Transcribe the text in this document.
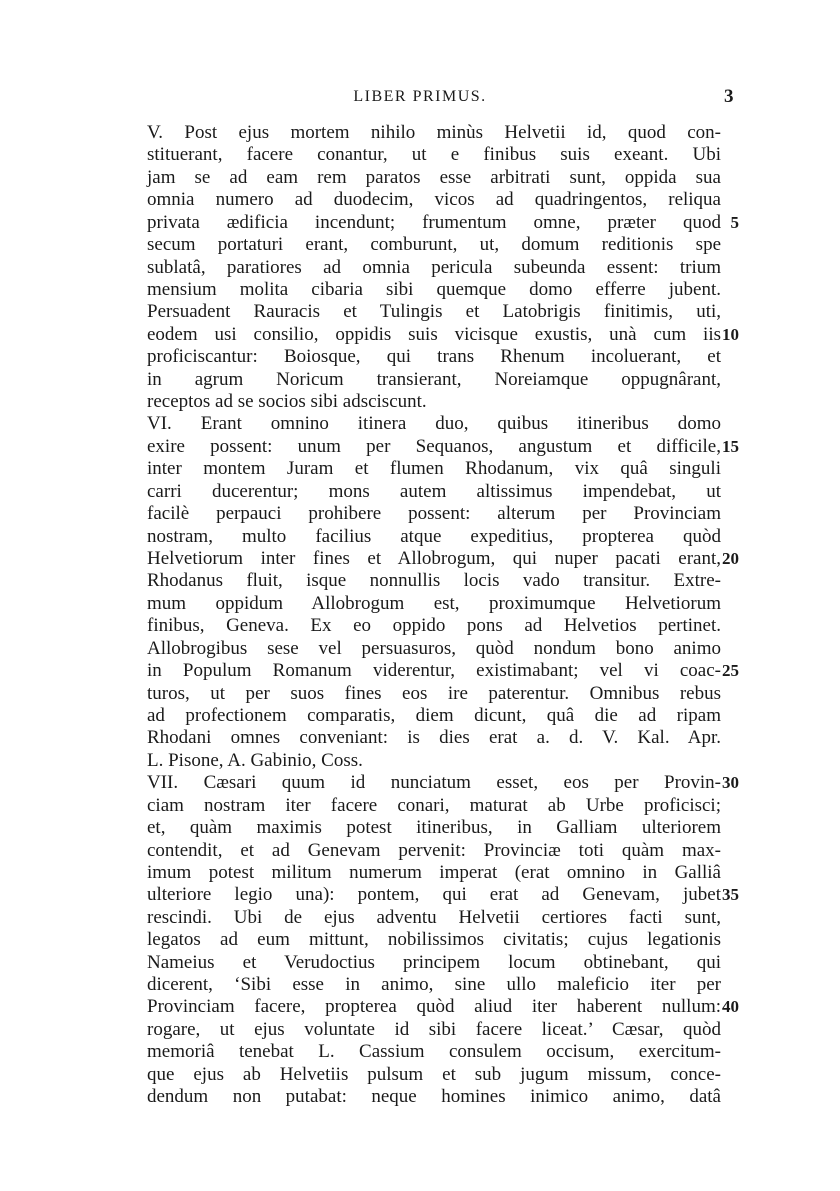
LIBER PRIMUS.	3
V. Post ejus mortem nihilo minùs Helvetii id, quod con-
stituerant, facere conantur, ut e finibus suis exeant. Ubi
jam se ad eam rem paratos esse arbitrati sunt, oppida sua
omnia numero ad duodecim, vicos ad quadringentos, reliqua
privata ædificia incendunt; frumentum omne, præter quod 5
secum portaturi erant, comburunt, ut, domum reditionis spe
sublatâ, paratiores ad omnia pericula subeunda essent: trium
mensium molita cibaria sibi quemque domo efferre jubent.
Persuadent Rauracis et Tulingis et Latobrigis finitimis, uti,
eodem usi consilio, oppidis suis vicisque exustis, unà cum iis 10
proficiscantur: Boiosque, qui trans Rhenum incoluerant, et
in agrum Noricum transierant, Noreiamque oppugnârant,
receptos ad se socios sibi adsciscunt.
VI. Erant omnino itinera duo, quibus itineribus domo
exire possent: unum per Sequanos, angustum et difficile, 15
inter montem Juram et flumen Rhodanum, vix quâ singuli
carri ducerentur; mons autem altissimus impendebat, ut
facilè perpauci prohibere possent: alterum per Provinciam
nostram, multo facilius atque expeditius, propterea quòd
Helvetiorum inter fines et Allobrogum, qui nuper pacati erant, 20
Rhodanus fluit, isque nonnullis locis vado transitur. Extre-
mum oppidum Allobrogum est, proximumque Helvetiorum
finibus, Geneva. Ex eo oppido pons ad Helvetios pertinet.
Allobrogibus sese vel persuasuros, quòd nondum bono animo
in Populum Romanum viderentur, existimabant; vel vi coac- 25
turos, ut per suos fines eos ire paterentur. Omnibus rebus
ad profectionem comparatis, diem dicunt, quâ die ad ripam
Rhodani omnes conveniant: is dies erat a. d. V. Kal. Apr.
L. Pisone, A. Gabinio, Coss.
VII. Cæsari quum id nunciatum esset, eos per Provin- 30
ciam nostram iter facere conari, maturat ab Urbe proficisci;
et, quàm maximis potest itineribus, in Galliam ulteriorem
contendit, et ad Genevam pervenit: Provinciæ toti quàm max-
imum potest militum numerum imperat (erat omnino in Galliâ
ulteriore legio una): pontem, qui erat ad Genevam, jubet 35
rescindi. Ubi de ejus adventu Helvetii certiores facti sunt,
legatos ad eum mittunt, nobilissimos civitatis; cujus legationis
Nameius et Verudoctius principem locum obtinebant, qui
dicerent, ‘Sibi esse in animo, sine ullo maleficio iter per
Provinciam facere, propterea quòd aliud iter haberent nullum: 40
rogare, ut ejus voluntate id sibi facere liceat.’ Cæsar, quòd
memoriâ tenebat L. Cassium consulem occisum, exercitum-
que ejus ab Helvetiis pulsum et sub jugum missum, conce-
dendum non putabat: neque homines inimico animo, datâ
